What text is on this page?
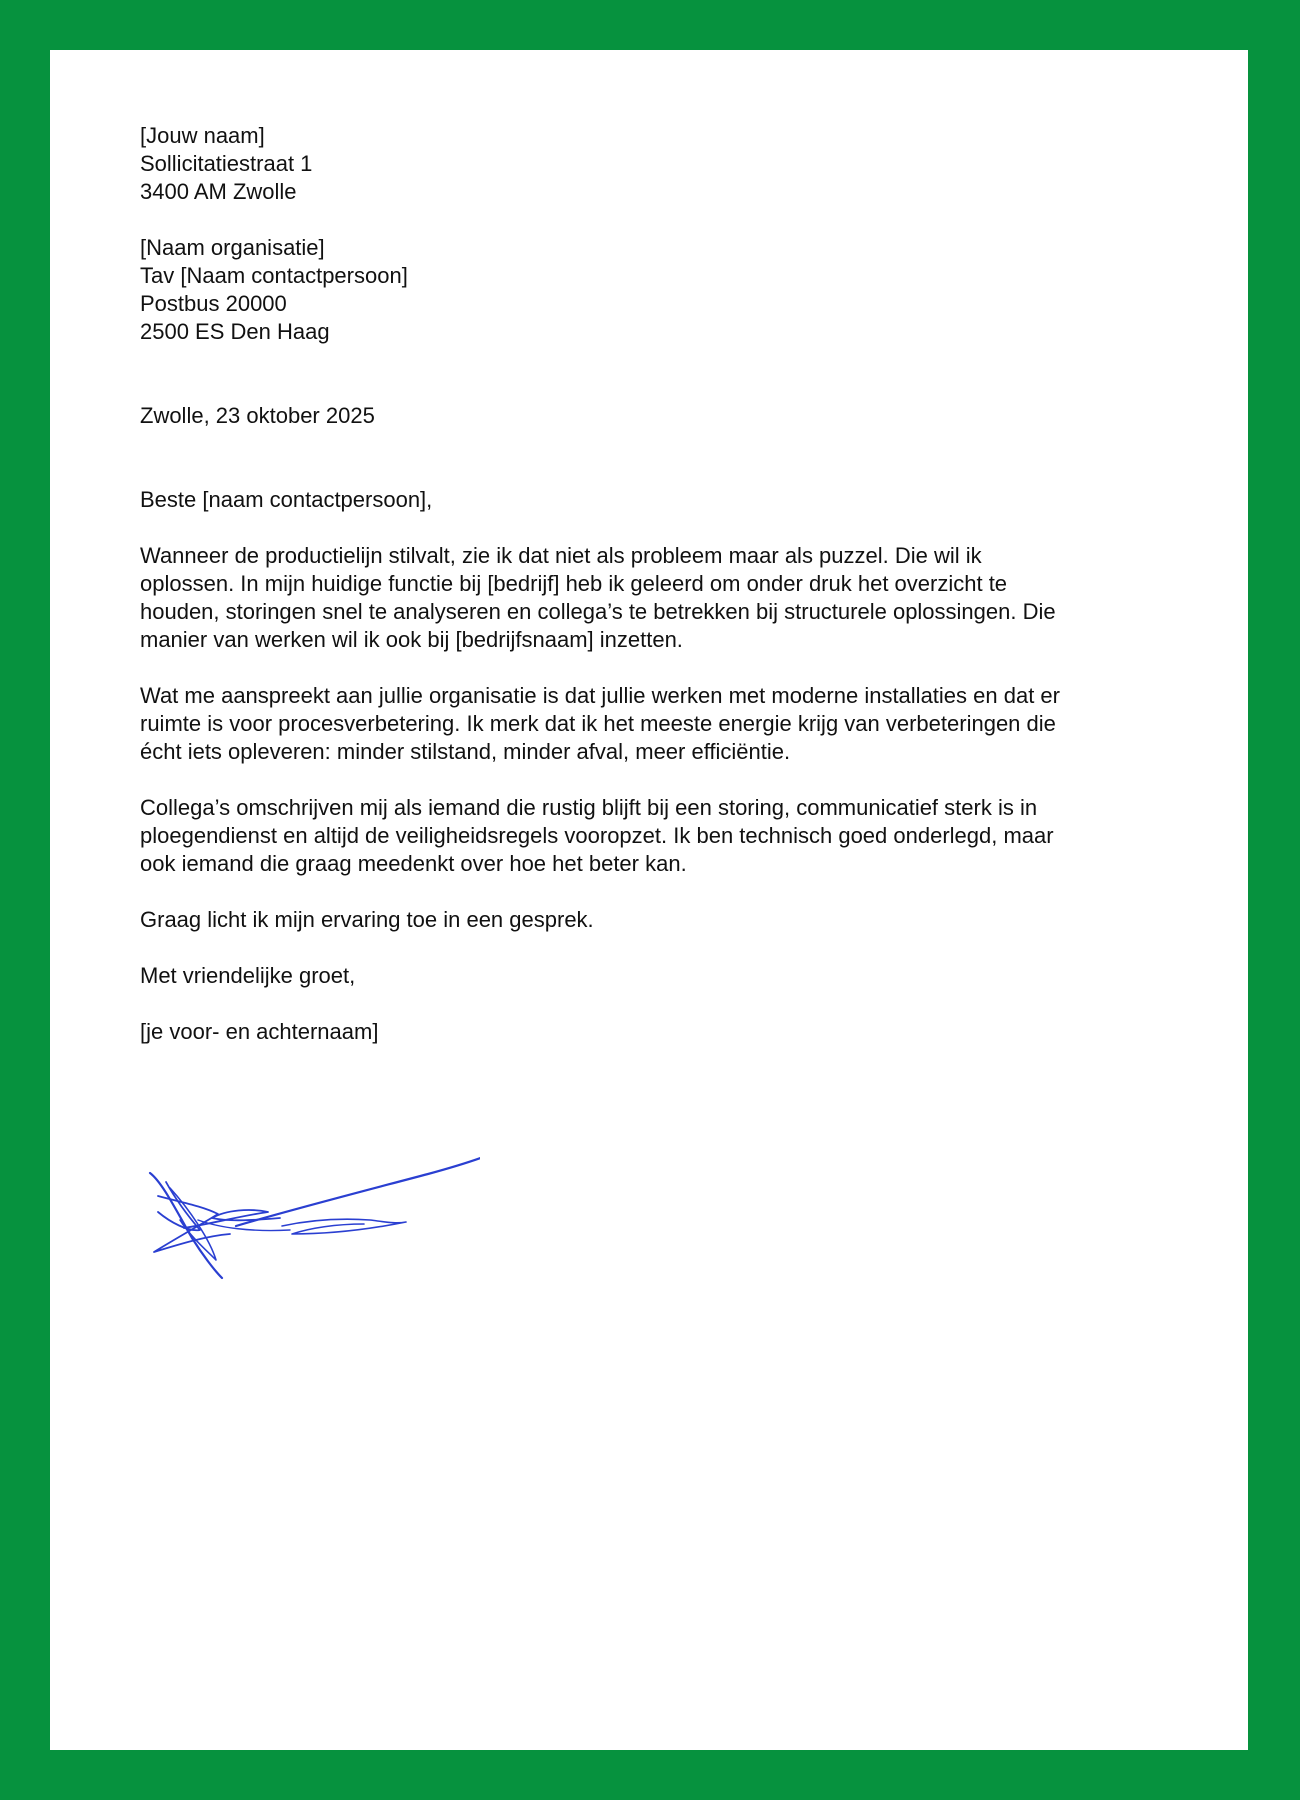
[Jouw naam]
Sollicitatiestraat 1
3400 AM Zwolle
[Naam organisatie]
Tav [Naam contactpersoon]
Postbus 20000
2500 ES Den Haag
Zwolle, 23 oktober 2025
Beste [naam contactpersoon],
Wanneer de productielijn stilvalt, zie ik dat niet als probleem maar als puzzel. Die wil ik
oplossen. In mijn huidige functie bij [bedrijf] heb ik geleerd om onder druk het overzicht te
houden, storingen snel te analyseren en collega’s te betrekken bij structurele oplossingen. Die
manier van werken wil ik ook bij [bedrijfsnaam] inzetten.
Wat me aanspreekt aan jullie organisatie is dat jullie werken met moderne installaties en dat er
ruimte is voor procesverbetering. Ik merk dat ik het meeste energie krijg van verbeteringen die
écht iets opleveren: minder stilstand, minder afval, meer efficiëntie.
Collega’s omschrijven mij als iemand die rustig blijft bij een storing, communicatief sterk is in
ploegendienst en altijd de veiligheidsregels vooropzet. Ik ben technisch goed onderlegd, maar
ook iemand die graag meedenkt over hoe het beter kan.
Graag licht ik mijn ervaring toe in een gesprek.
Met vriendelijke groet,
[je voor- en achternaam]
